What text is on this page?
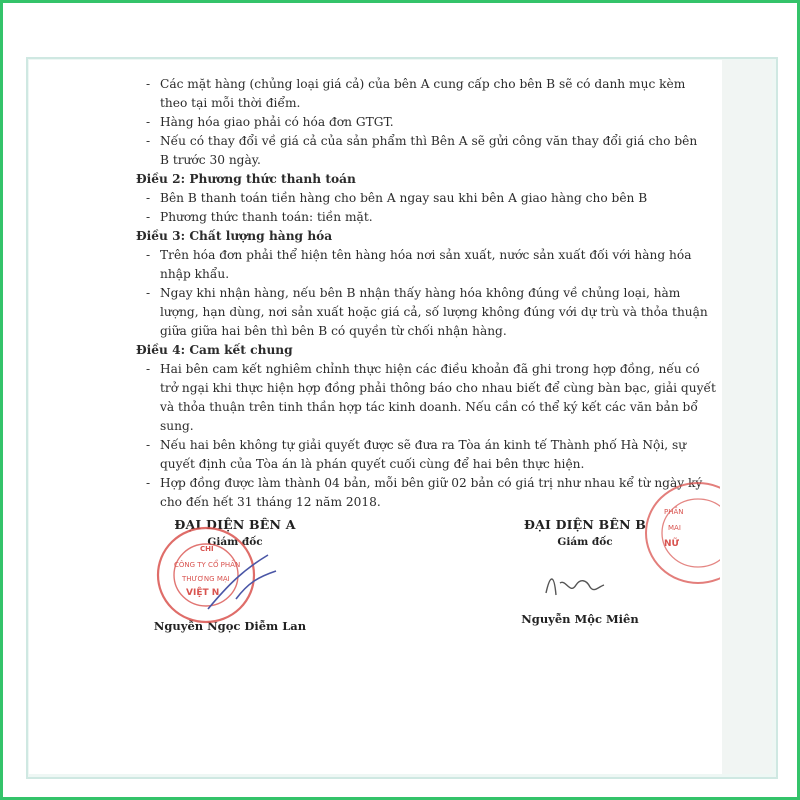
- Các mặt hàng (chủng loại giá cả) của bên A cung cấp cho bên B sẽ có danh mục kèm
theo tại mỗi thời điểm.
- Hàng hóa giao phải có hóa đơn GTGT.
- Nếu có thay đổi về giá cả của sản phẩm thì Bên A sẽ gửi công văn thay đổi giá cho bên
B trước 30 ngày.
Điều 2: Phương thức thanh toán
- Bên B thanh toán tiền hàng cho bên A ngay sau khi bên A giao hàng cho bên B
- Phương thức thanh toán: tiền mặt.
Điều 3: Chất lượng hàng hóa
- Trên hóa đơn phải thể hiện tên hàng hóa nơi sản xuất, nước sản xuất đối với hàng hóa
nhập khẩu.
- Ngay khi nhận hàng, nếu bên B nhận thấy hàng hóa không đúng về chủng loại, hàm
lượng, hạn dùng, nơi sản xuất hoặc giá cả, số lượng không đúng với dự trù và thỏa thuận
giữa giữa hai bên thì bên B có quyền từ chối nhận hàng.
Điều 4: Cam kết chung
- Hai bên cam kết nghiêm chỉnh thực hiện các điều khoản đã ghi trong hợp đồng, nếu có
trở ngại khi thực hiện hợp đồng phải thông báo cho nhau biết để cùng bàn bạc, giải quyết
và thỏa thuận trên tinh thần hợp tác kinh doanh. Nếu cần có thể ký kết các văn bản bổ
sung.
- Nếu hai bên không tự giải quyết được sẽ đưa ra Tòa án kinh tế Thành phố Hà Nội, sự
quyết định của Tòa án là phán quyết cuối cùng để hai bên thực hiện.
- Hợp đồng được làm thành 04 bản, mỗi bên giữ 02 bản có giá trị như nhau kể từ ngày ký
cho đến hết 31 tháng 12 năm 2018.
ĐẠI DIỆN BÊN A
Giám đốc
Nguyễn Ngọc Diễm Lan
CHI
CÔNG TY CỔ PHẦN
THƯƠNG MẠI
VIỆT N
ĐẠI DIỆN BÊN B
Giám đốc
Nguyễn Mộc Miên
PHẦN
MAI
NỮ
